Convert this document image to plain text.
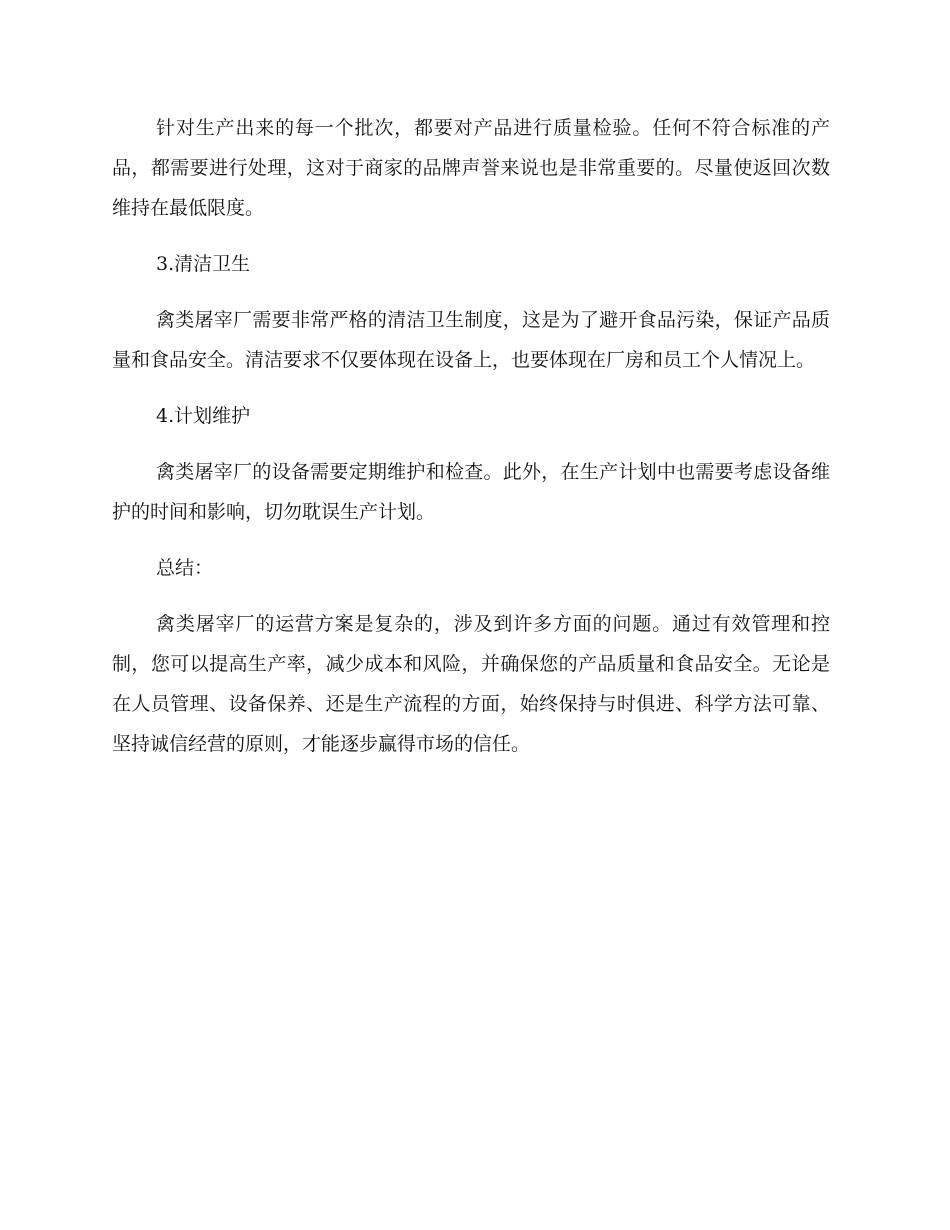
针对生产出来的每一个批次，都要对产品进行质量检验。任何不符合标准的产品，都需要进行处理，这对于商家的品牌声誉来说也是非常重要的。尽量使返回次数维持在最低限度。

3.清洁卫生

禽类屠宰厂需要非常严格的清洁卫生制度，这是为了避开食品污染，保证产品质量和食品安全。清洁要求不仅要体现在设备上，也要体现在厂房和员工个人情况上。

4.计划维护

禽类屠宰厂的设备需要定期维护和检查。此外，在生产计划中也需要考虑设备维护的时间和影响，切勿耽误生产计划。

总结：

禽类屠宰厂的运营方案是复杂的，涉及到许多方面的问题。通过有效管理和控制，您可以提高生产率，减少成本和风险，并确保您的产品质量和食品安全。无论是在人员管理、设备保养、还是生产流程的方面，始终保持与时俱进、科学方法可靠、坚持诚信经营的原则，才能逐步赢得市场的信任。
